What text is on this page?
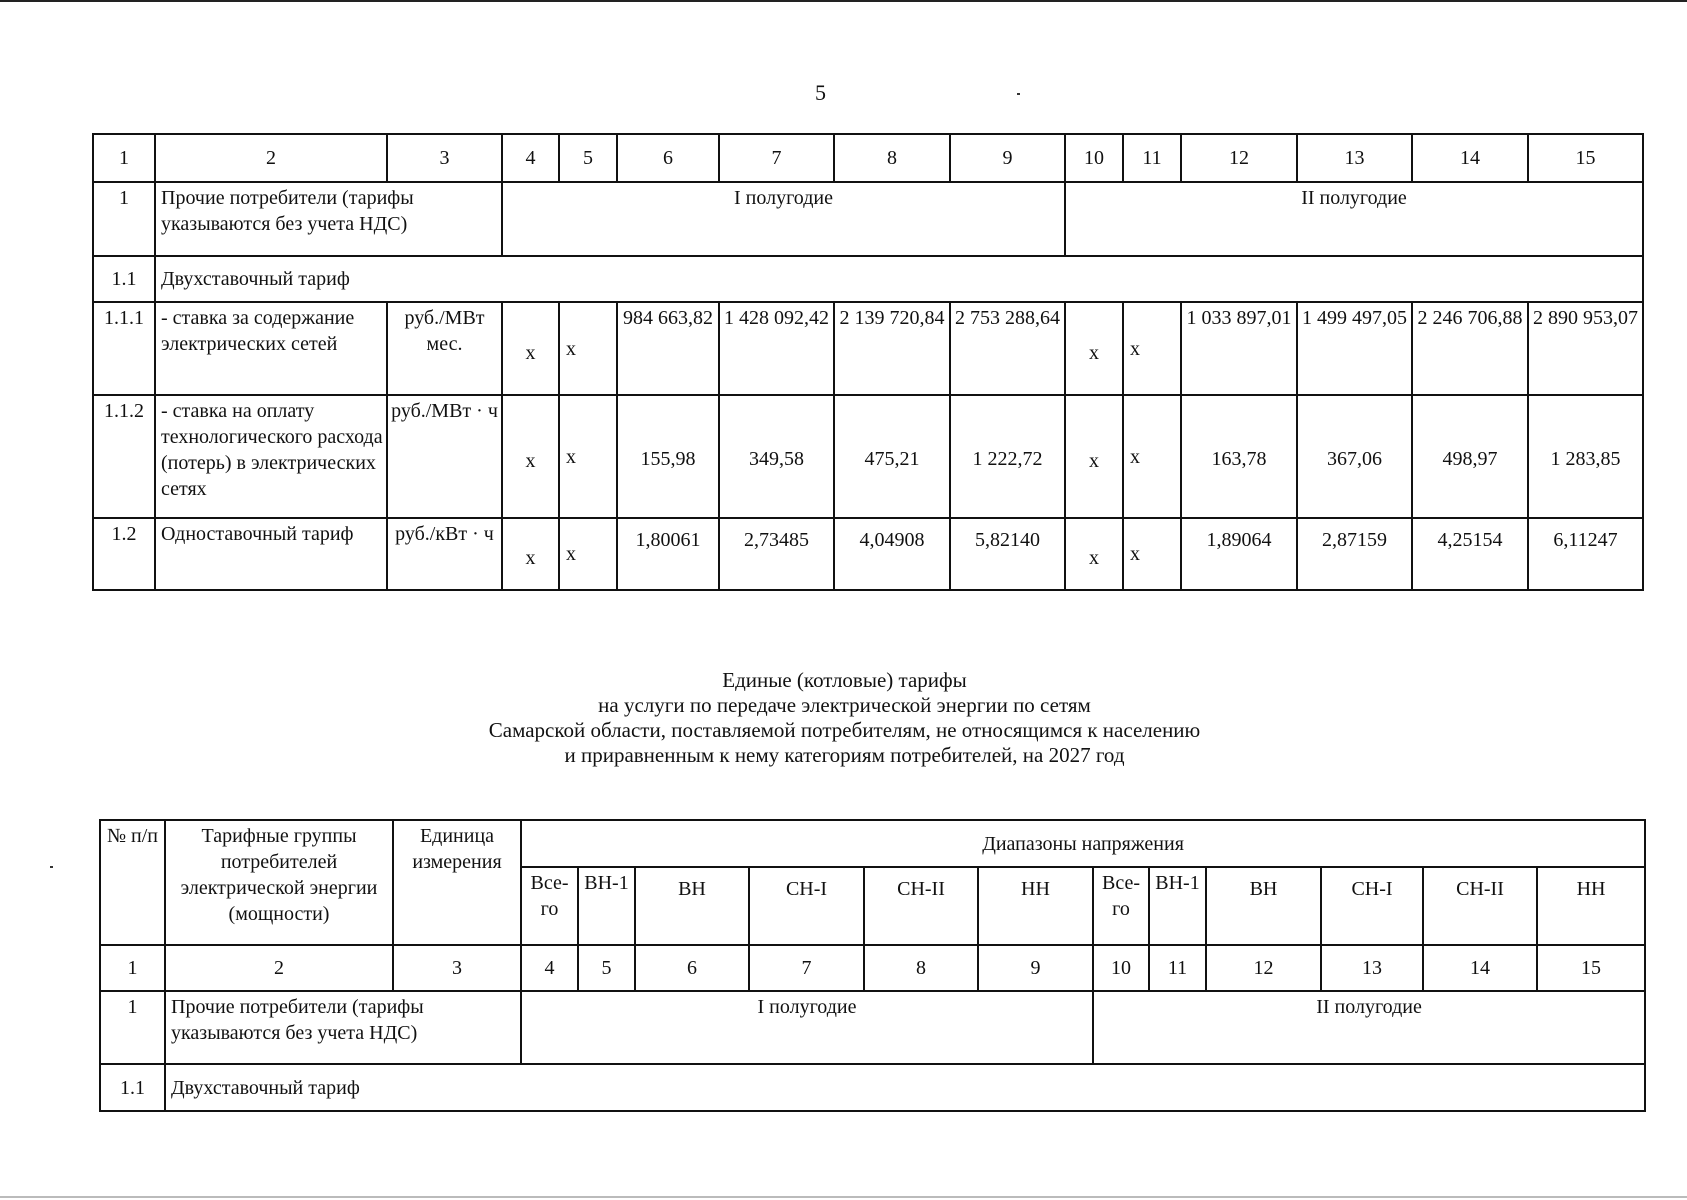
5
1	2	3	4	5	6	7	8	9	10	11	12	13	14	15
1	Прочие потребители (тарифы указываются без учета НДС)		I полугодие						II полугодие					
1.1	Двухставочный тариф													
1.1.1	- ставка за содержание электрических сетей	руб./МВт мес.	х	х	984 663,82	1 428 092,42	2 139 720,84	2 753 288,64	х	х	1 033 897,01	1 499 497,05	2 246 706,88	2 890 953,07
1.1.2	- ставка на оплату технологического расхода (потерь) в электрических сетях	руб./МВт · ч	х	х	155,98	349,58	475,21	1 222,72	х	х	163,78	367,06	498,97	1 283,85
1.2	Одноставочный тариф	руб./кВт · ч	х	х	1,80061	2,73485	4,04908	5,82140	х	х	1,89064	2,87159	4,25154	6,11247
Единые (котловые) тарифы
на услуги по передаче электрической энергии по сетям
Самарской области, поставляемой потребителям, не относящимся к населению
и приравненным к нему категориям потребителей, на 2027 год
№ п/п	Тарифные группы потребителей электрической энергии (мощности)	Единица измерения	Диапазоны напряжения											
			Все-го	ВН-1	ВН	СН-I	СН-II	НН	Все-го	ВН-1	ВН	СН-I	СН-II	НН
1	2	3	4	5	6	7	8	9	10	11	12	13	14	15
1	Прочие потребители (тарифы указываются без учета НДС)		I полугодие						II полугодие					
1.1	Двухставочный тариф													
